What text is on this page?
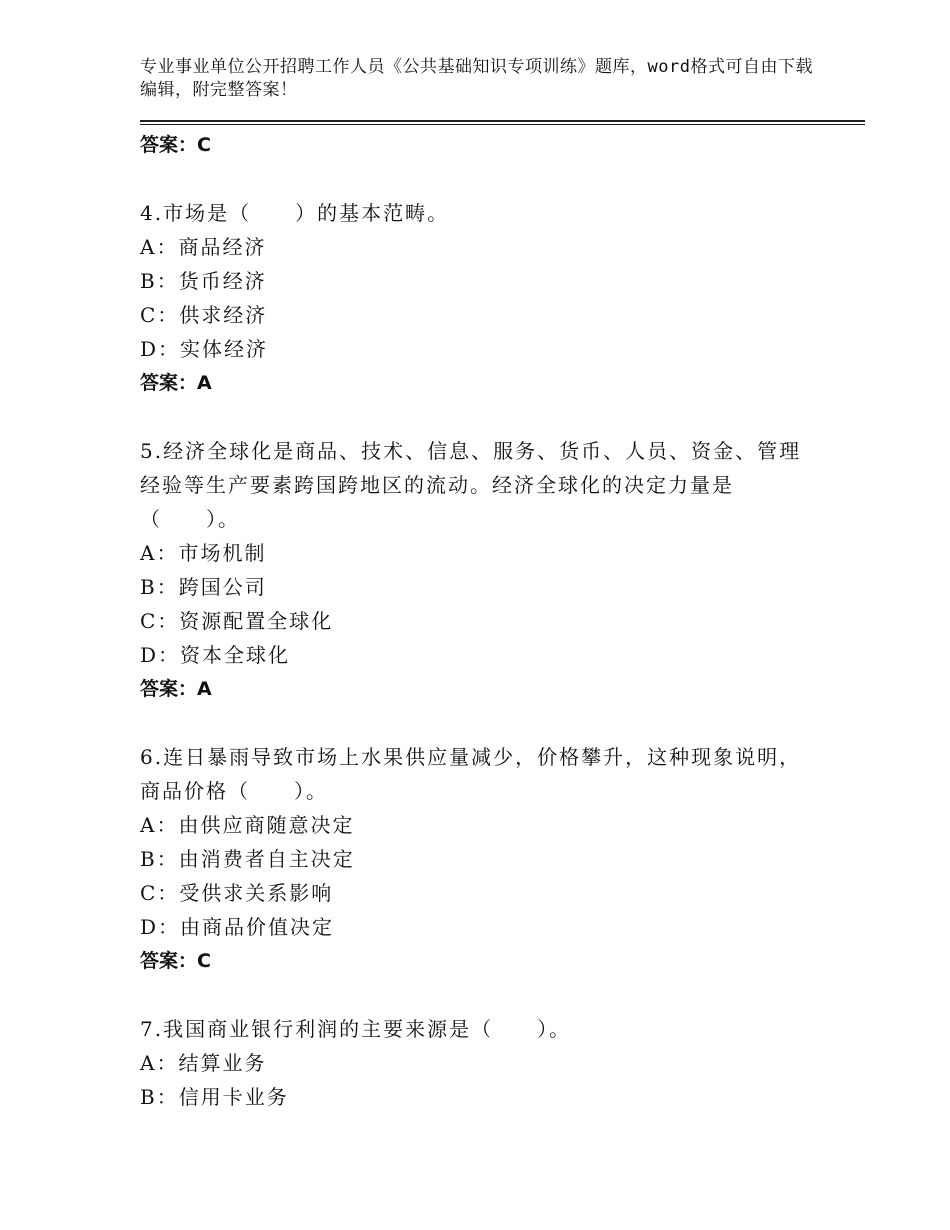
专业事业单位公开招聘工作人员《公共基础知识专项训练》题库，word格式可自由下载编辑，附完整答案！
答案：C
4.市场是（　　）的基本范畴。
A：商品经济
B：货币经济
C：供求经济
D：实体经济
答案：A
5.经济全球化是商品、技术、信息、服务、货币、人员、资金、管理经验等生产要素跨国跨地区的流动。经济全球化的决定力量是（　　）。
A：市场机制
B：跨国公司
C：资源配置全球化
D：资本全球化
答案：A
6.连日暴雨导致市场上水果供应量减少，价格攀升，这种现象说明，商品价格（　　）。
A：由供应商随意决定
B：由消费者自主决定
C：受供求关系影响
D：由商品价值决定
答案：C
7.我国商业银行利润的主要来源是（　　）。
A：结算业务
B：信用卡业务
